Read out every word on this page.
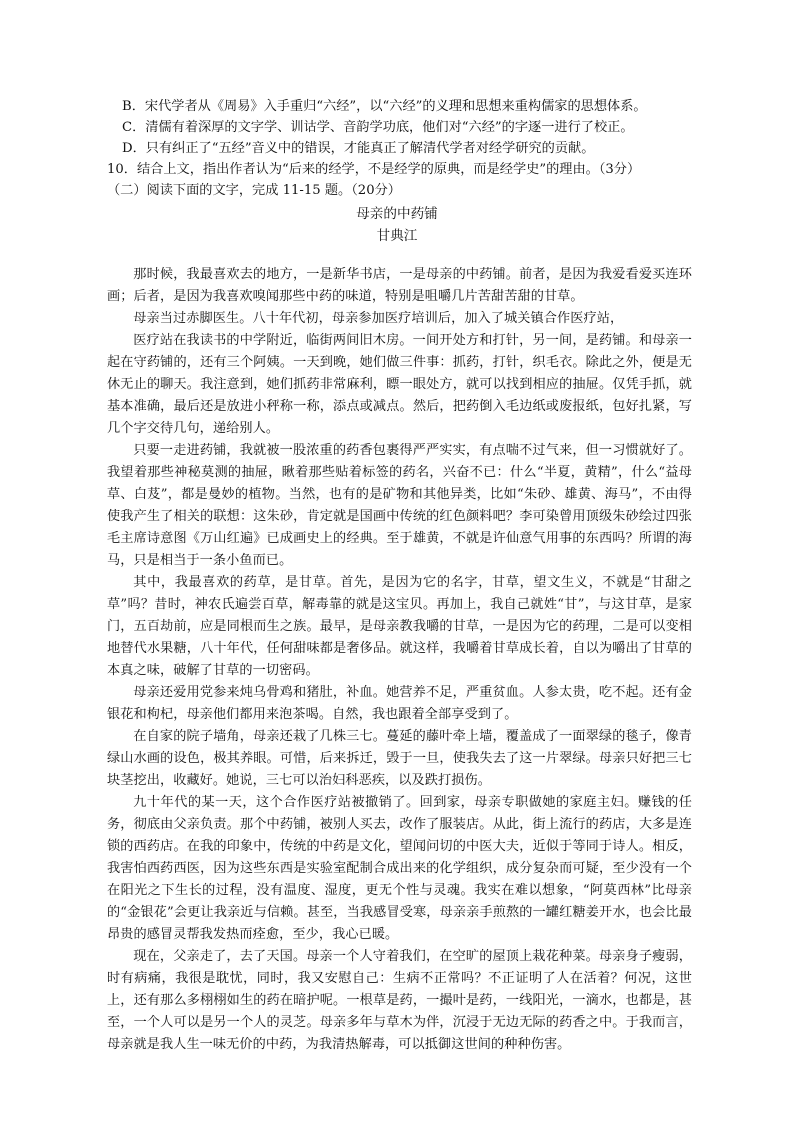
B．宋代学者从《周易》入手重归“六经”，以“六经”的义理和思想来重构儒家的思想体系。
C．清儒有着深厚的文字学、训诂学、音韵学功底，他们对“六经”的字逐一进行了校正。
D．只有纠正了“五经”音义中的错误，才能真正了解清代学者对经学研究的贡献。
10．结合上文，指出作者认为“后来的经学，不是经学的原典，而是经学史”的理由。（3分）
（二）阅读下面的文字，完成 11-15 题。（20分）
母亲的中药铺
甘典江

那时候，我最喜欢去的地方，一是新华书店，一是母亲的中药铺。前者，是因为我爱看爱买连环画；后者，是因为我喜欢嗅闻那些中药的味道，特别是咀嚼几片苦甜苦甜的甘草。

母亲当过赤脚医生。八十年代初，母亲参加医疗培训后，加入了城关镇合作医疗站，

医疗站在我读书的中学附近，临街两间旧木房。一间开处方和打针，另一间，是药铺。和母亲一起在守药铺的，还有三个阿姨。一天到晚，她们做三件事：抓药，打针，织毛衣。除此之外，便是无休无止的聊天。我注意到，她们抓药非常麻利，瞟一眼处方，就可以找到相应的抽屉。仅凭手抓，就基本准确，最后还是放进小秤称一称，添点或减点。然后，把药倒入毛边纸或废报纸，包好扎紧，写几个字交待几句，递给别人。

只要一走进药铺，我就被一股浓重的药香包裹得严严实实，有点喘不过气来，但一习惯就好了。我望着那些神秘莫测的抽屉，瞅着那些贴着标签的药名，兴奋不已：什么“半夏，黄精”，什么“益母草、白芨”，都是曼妙的植物。当然，也有的是矿物和其他异类，比如“朱砂、雄黄、海马”，不由得使我产生了相关的联想：这朱砂，肯定就是国画中传统的红色颜料吧？李可染曾用顶级朱砂绘过四张毛主席诗意图《万山红遍》已成画史上的经典。至于雄黄，不就是许仙意气用事的东西吗？所谓的海马，只是相当于一条小鱼而已。

其中，我最喜欢的药草，是甘草。首先，是因为它的名字，甘草，望文生义，不就是“甘甜之草”吗？昔时，神农氏遍尝百草，解毒靠的就是这宝贝。再加上，我自己就姓“甘”，与这甘草，是家门，五百劫前，应是同根而生之族。最早，是母亲教我嚼的甘草，一是因为它的药理，二是可以变相地替代水果糖，八十年代，任何甜味都是奢侈品。就这样，我嚼着甘草成长着，自以为嚼出了甘草的本真之味，破解了甘草的一切密码。

母亲还爱用党参来炖乌骨鸡和猪肚，补血。她营养不足，严重贫血。人参太贵，吃不起。还有金银花和枸杞，母亲他们都用来泡茶喝。自然，我也跟着全部享受到了。

在自家的院子墙角，母亲还栽了几株三七。蔓延的藤叶牵上墙，覆盖成了一面翠绿的毯子，像青绿山水画的设色，极其养眼。可惜，后来拆迁，毁于一旦，使我失去了这一片翠绿。母亲只好把三七块茎挖出，收藏好。她说，三七可以治妇科恶疾，以及跌打损伤。

九十年代的某一天，这个合作医疗站被撤销了。回到家，母亲专职做她的家庭主妇。赚钱的任务，彻底由父亲负责。那个中药铺，被别人买去，改作了服装店。从此，街上流行的药店，大多是连锁的西药店。在我的印象中，传统的中药是文化，望闻问切的中医大夫，近似于等同于诗人。相反，我害怕西药西医，因为这些东西是实验室配制合成出来的化学组织，成分复杂而可疑，至少没有一个在阳光之下生长的过程，没有温度、湿度，更无个性与灵魂。我实在难以想象，“阿莫西林”比母亲的“金银花”会更让我亲近与信赖。甚至，当我感冒受寒，母亲亲手煎熬的一罐红糖姜开水，也会比最昂贵的感冒灵帮我发热而痊愈，至少，我心已暖。

现在，父亲走了，去了天国。母亲一个人守着我们，在空旷的屋顶上栽花种菜。母亲身子瘦弱，时有病痛，我很是耽忧，同时，我又安慰自己：生病不正常吗？不正证明了人在活着？何况，这世上，还有那么多栩栩如生的药在暗护呢。一根草是药，一撮叶是药，一线阳光，一滴水，也都是，甚至，一个人可以是另一个人的灵芝。母亲多年与草木为伴，沉浸于无边无际的药香之中。于我而言，母亲就是我人生一味无价的中药，为我清热解毒，可以抵御这世间的种种伤害。
